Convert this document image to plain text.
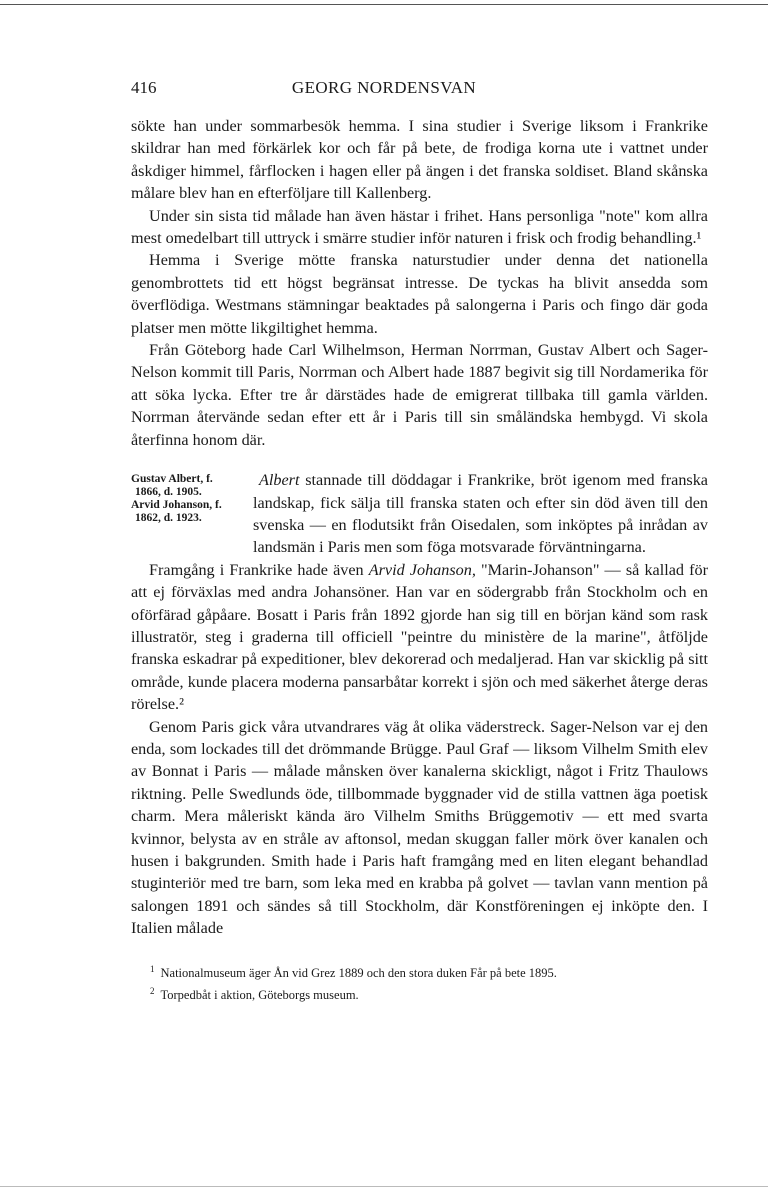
416	GEORG NORDENSVAN

sökte han under sommarbesök hemma. I sina studier i Sverige liksom i Frankrike skildrar han med förkärlek kor och får på bete, de frodiga korna ute i vattnet under åskdiger himmel, fårflocken i hagen eller på ängen i det franska soldiset. Bland skånska målare blev han en efterföljare till Kallenberg.

Under sin sista tid målade han även hästar i frihet. Hans personliga "note" kom allra mest omedelbart till uttryck i smärre studier inför naturen i frisk och frodig behandling.¹

Hemma i Sverige mötte franska naturstudier under denna det nationella genombrottets tid ett högst begränsat intresse. De tyckas ha blivit ansedda som överflödiga. Westmans stämningar beaktades på salongerna i Paris och fingo där goda platser men mötte likgiltighet hemma.

Från Göteborg hade Carl Wilhelmson, Herman Norrman, Gustav Albert och Sager-Nelson kommit till Paris, Norrman och Albert hade 1887 begivit sig till Nordamerika för att söka lycka. Efter tre år därstädes hade de emigrerat tillbaka till gamla världen. Norrman återvände sedan efter ett år i Paris till sin småländska hembygd. Vi skola återfinna honom där.

Gustav Albert, f.
1866, d. 1905.
Arvid Johanson, f.
1862, d. 1923.

Albert stannade till döddagar i Frankrike, bröt igenom med franska landskap, fick sälja till franska staten och efter sin död även till den svenska — en flodutsikt från Oisedalen, som inköptes på inrådan av landsmän i Paris men som föga motsvarade förväntningarna.

Framgång i Frankrike hade även Arvid Johanson, "Marin-Johanson" — så kallad för att ej förväxlas med andra Johansöner. Han var en södergrabb från Stockholm och en oförfärad gåpåare. Bosatt i Paris från 1892 gjorde han sig till en början känd som rask illustratör, steg i graderna till officiell "peintre du ministère de la marine", åtföljde franska eskadrar på expeditioner, blev dekorerad och medaljerad. Han var skicklig på sitt område, kunde placera moderna pansarbåtar korrekt i sjön och med säkerhet återge deras rörelse.²

Genom Paris gick våra utvandrares väg åt olika väderstreck. Sager-Nelson var ej den enda, som lockades till det drömmande Brügge. Paul Graf — liksom Vilhelm Smith elev av Bonnat i Paris — målade månsken över kanalerna skickligt, något i Fritz Thaulows riktning. Pelle Swedlunds öde, tillbommade byggnader vid de stilla vattnen äga poetisk charm. Mera måleriskt kända äro Vilhelm Smiths Brüggemotiv — ett med svarta kvinnor, belysta av en stråle av aftonsol, medan skuggan faller mörk över kanalen och husen i bakgrunden. Smith hade i Paris haft framgång med en liten elegant behandlad stuginteriör med tre barn, som leka med en krabba på golvet — tavlan vann mention på salongen 1891 och sändes så till Stockholm, där Konstföreningen ej inköpte den. I Italien målade

$^1$ Nationalmuseum äger Ån vid Grez 1889 och den stora duken Får på bete 1895.

$^2$ Torpedbåt i aktion, Göteborgs museum.
